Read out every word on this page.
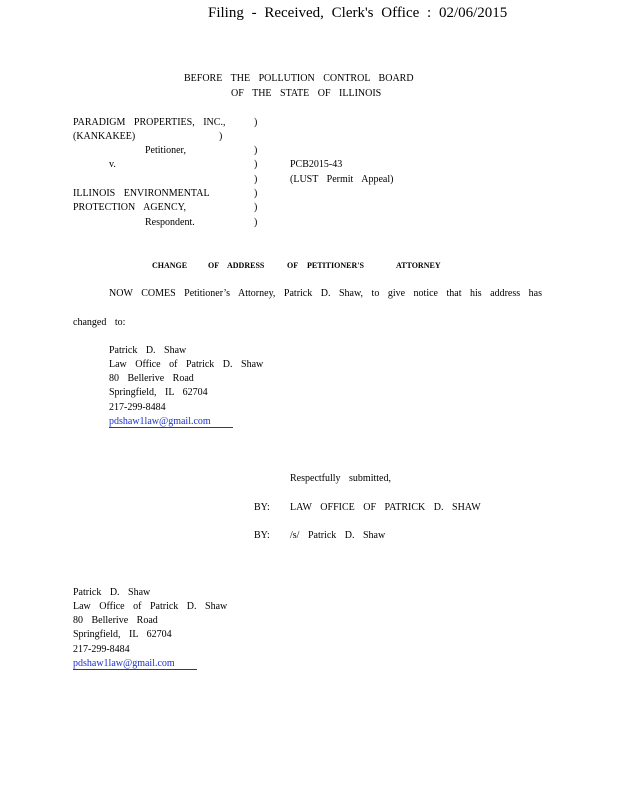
Filing - Received, Clerk's Office : 02/06/2015
BEFORE THE POLLUTION CONTROL BOARD
OF THE STATE OF ILLINOIS
PARADIGM PROPERTIES, INC.,	)
(KANKAKEE)	)
Petitioner,	)
v.	)	PCB2015-43
)	(LUST Permit Appeal)
ILLINOIS ENVIRONMENTAL	)
PROTECTION AGENCY,	)
Respondent.	)
CHANGE	OF ADDRESS	OF PETITIONER'S	ATTORNEY
NOW COMES Petitioner’s Attorney, Patrick D. Shaw, to give notice that his address has
changed to:
Patrick D. Shaw
Law Office of Patrick D. Shaw
80 Bellerive Road
Springfield, IL 62704
217-299-8484
pdshaw1law@gmail.com
Respectfully submitted,
BY: LAW OFFICE OF PATRICK D. SHAW
BY: /s/ Patrick D. Shaw
Patrick D. Shaw
Law Office of Patrick D. Shaw
80 Bellerive Road
Springfield, IL 62704
217-299-8484
pdshaw1law@gmail.com
